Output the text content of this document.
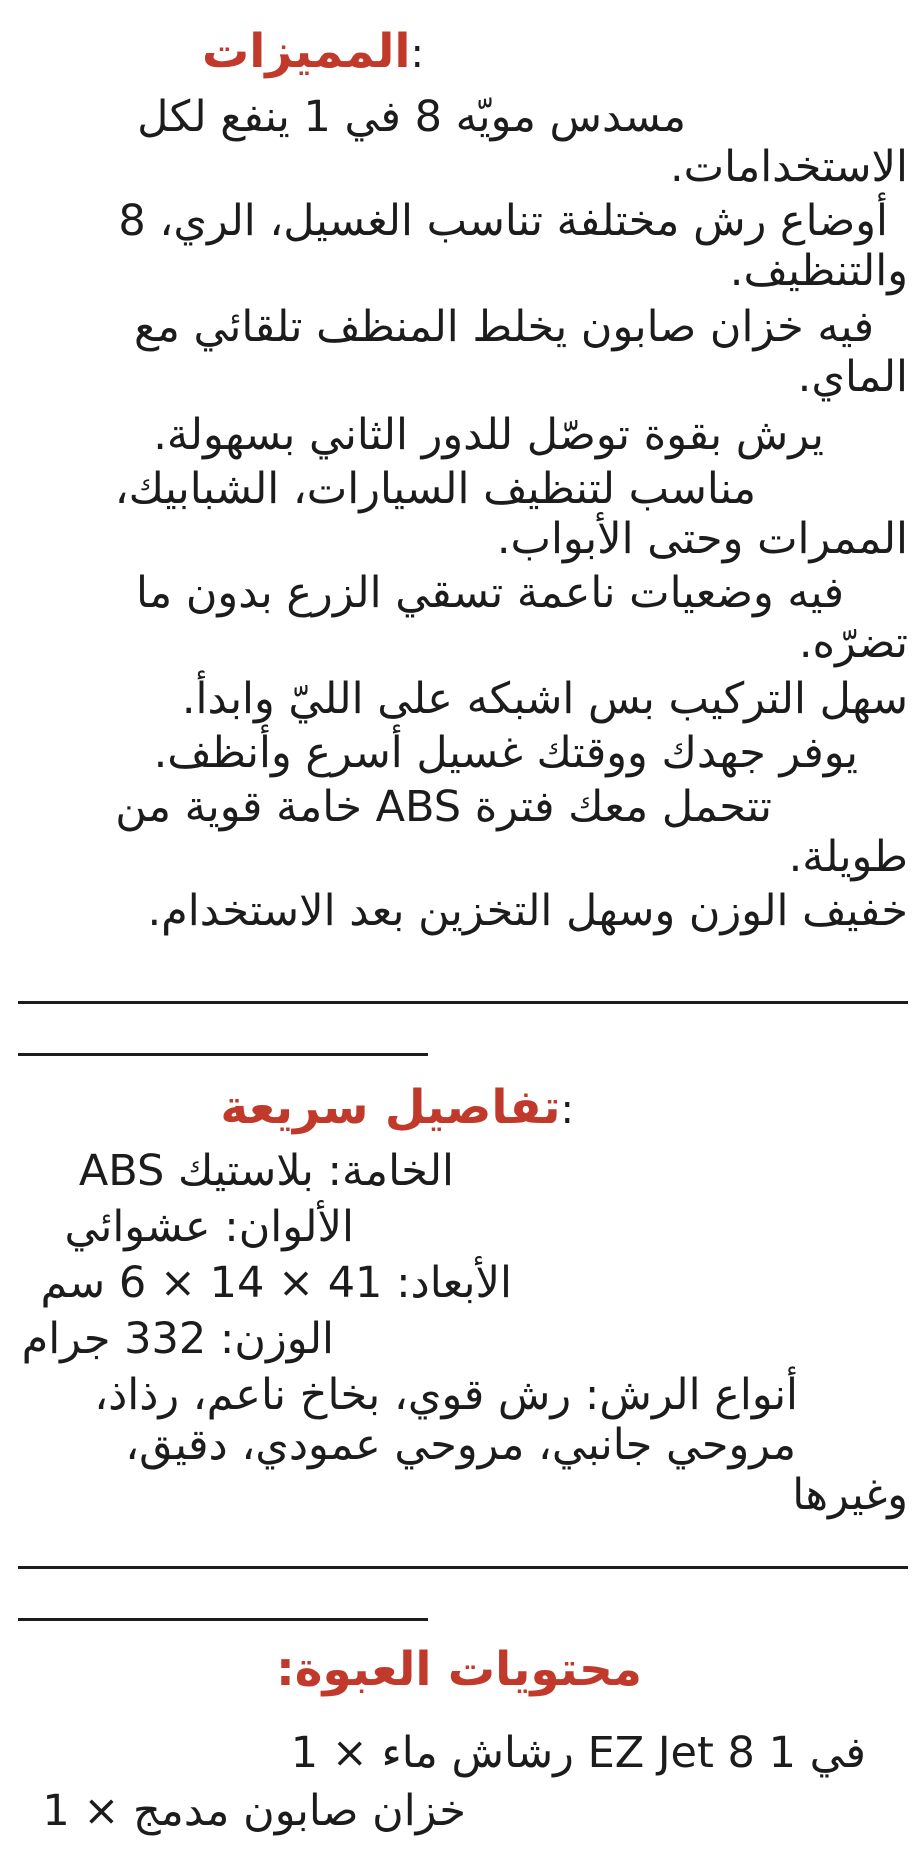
:المميزات
مسدس مويّه 8 في 1 ينفع لكل
الاستخدامات.
أوضاع رش مختلفة تناسب الغسيل، الري، 8
والتنظيف.
فيه خزان صابون يخلط المنظف تلقائي مع
الماي.
يرش بقوة توصّل للدور الثاني بسهولة.
مناسب لتنظيف السيارات، الشبابيك،
الممرات وحتى الأبواب.
فيه وضعيات ناعمة تسقي الزرع بدون ما
تضرّه.
سهل التركيب بس اشبكه على الليّ وابدأ.
يوفر جهدك ووقتك غسيل أسرع وأنظف.
تتحمل معك فترة ABS خامة قوية من
طويلة.
خفيف الوزن وسهل التخزين بعد الاستخدام.
:تفاصيل سريعة
ABS الخامة: بلاستيك
الألوان: عشوائي
الأبعاد: 41 × 14 × 6 سم
الوزن: 332 جرام
أنواع الرش: رش قوي، بخاخ ناعم، رذاذ،
مروحي جانبي، مروحي عمودي، دقيق،
وغيرها
محتويات العبوة:
في 1 8 EZ Jet رشاش ماء × 1
خزان صابون مدمج × 1
